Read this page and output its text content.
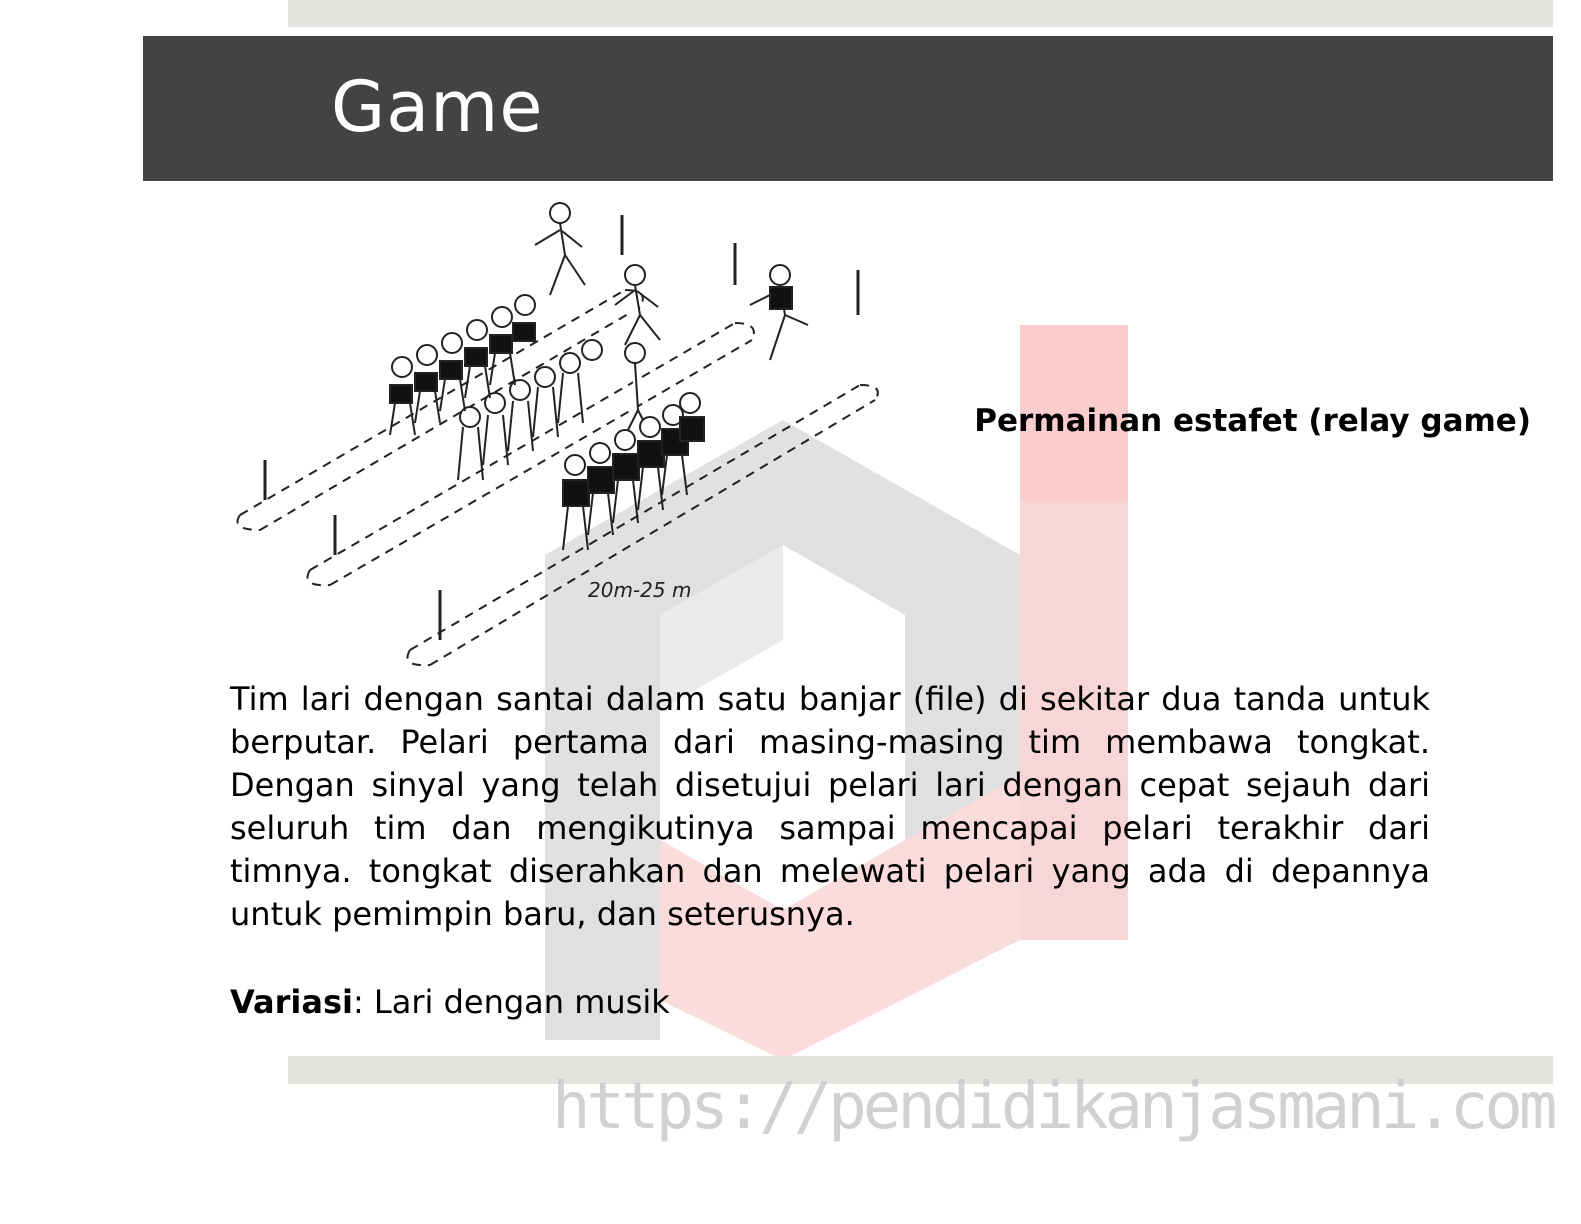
Game
20m-25 m

Permainan estafet (relay game)

Tim lari dengan santai dalam satu banjar (file) di sekitar dua tanda untuk berputar. Pelari pertama dari masing-masing tim membawa tongkat. Dengan sinyal yang telah disetujui pelari lari dengan cepat sejauh dari seluruh tim dan mengikutinya sampai mencapai pelari terakhir dari timnya. tongkat diserahkan dan melewati pelari yang ada di depannya untuk pemimpin baru, dan seterusnya.

Variasi: Lari dengan musik

https://pendidikanjasmani.com
